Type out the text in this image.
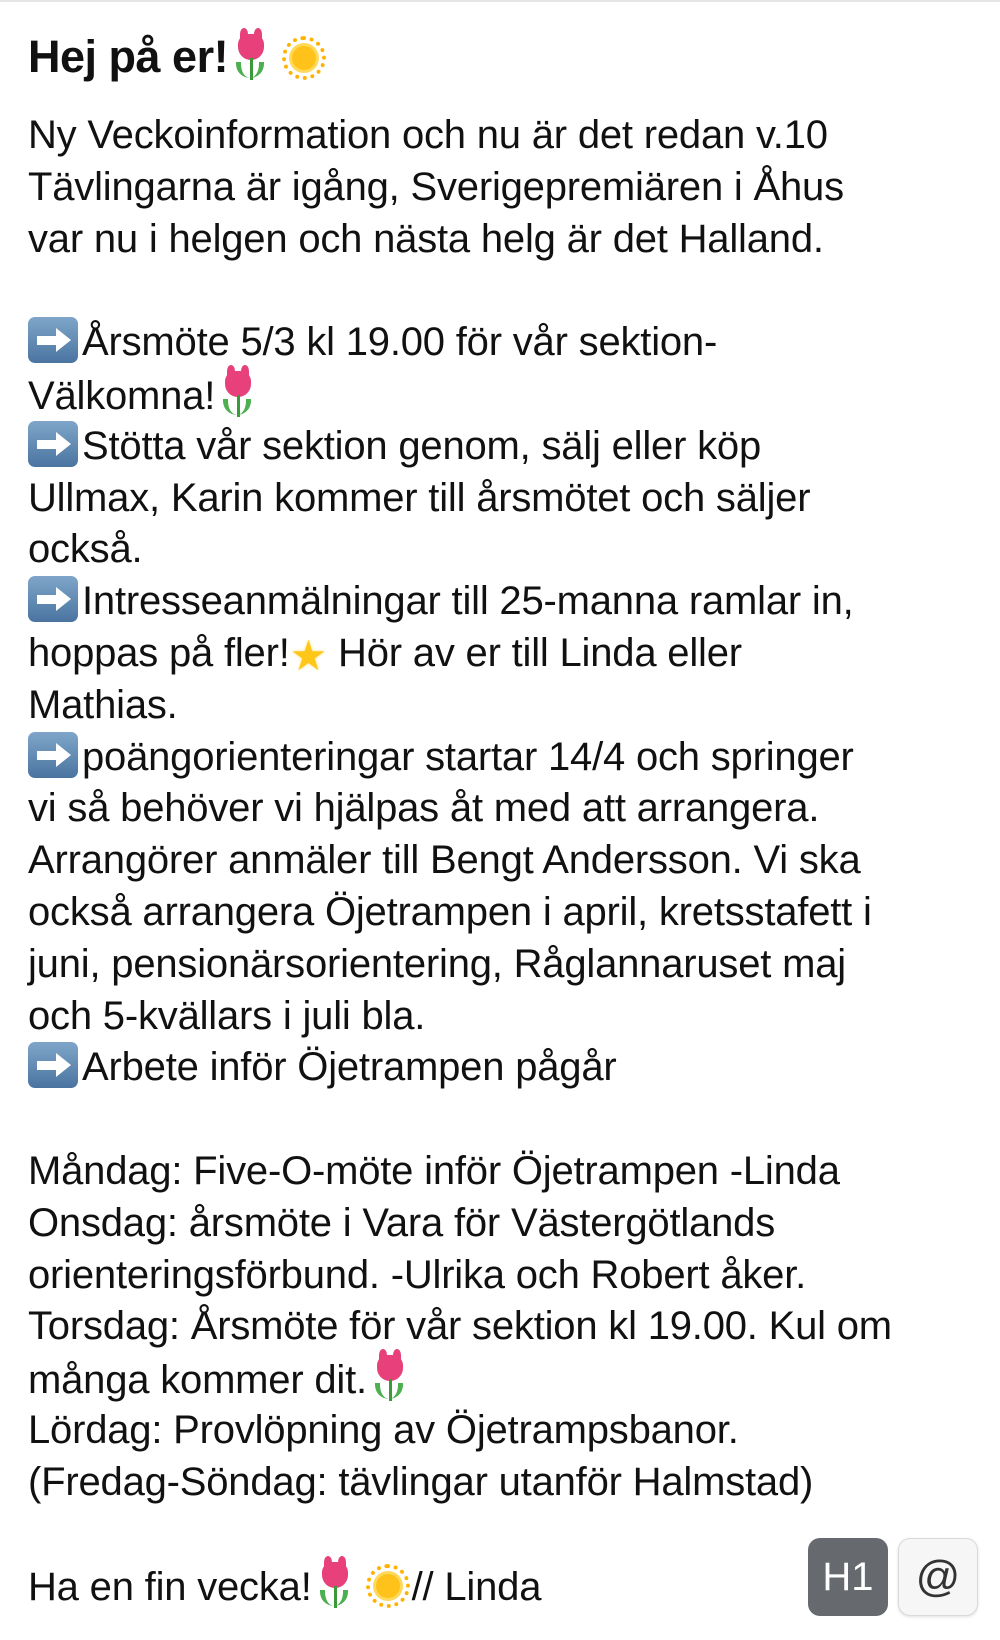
Hej på er!
Ny Veckoinformation och nu är det redan v.10
Tävlingarna är igång, Sverigepremiären i Åhus
var nu i helgen och nästa helg är det Halland.
Årsmöte 5/3 kl 19.00 för vår sektion-
Välkomna!
Stötta vår sektion genom, sälj eller köp
Ullmax, Karin kommer till årsmötet och säljer
också.
Intresseanmälningar till 25-manna ramlar in,
hoppas på fler!★ Hör av er till Linda eller
Mathias.
poängorienteringar startar 14/4 och springer
vi så behöver vi hjälpas åt med att arrangera.
Arrangörer anmäler till Bengt Andersson. Vi ska
också arrangera Öjetrampen i april, kretsstafett i
juni, pensionärsorientering, Råglannaruset maj
och 5-kvällars i juli bla.
Arbete inför Öjetrampen pågår
Måndag: Five-O-möte inför Öjetrampen -Linda
Onsdag: årsmöte i Vara för Västergötlands
orienteringsförbund. -Ulrika och Robert åker.
Torsdag: Årsmöte för vår sektion kl 19.00. Kul om
många kommer dit.
Lördag: Provlöpning av Öjetrampsbanor.
(Fredag-Söndag: tävlingar utanför Halmstad)
Ha en fin vecka!	// Linda	H1 @
